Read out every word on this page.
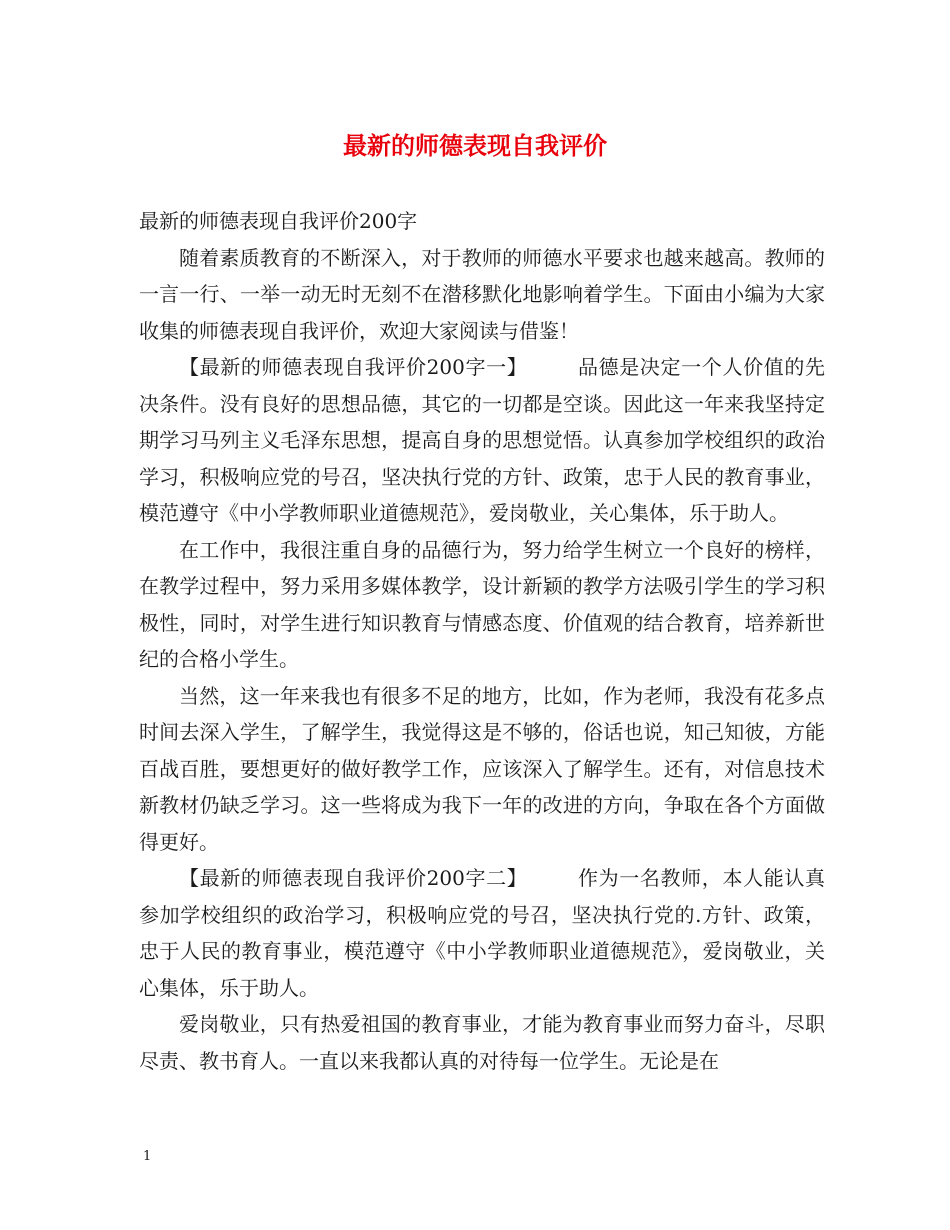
最新的师德表现自我评价

最新的师德表现自我评价200字

随着素质教育的不断深入，对于教师的师德水平要求也越来越高。教师的一言一行、一举一动无时无刻不在潜移默化地影响着学生。下面由小编为大家收集的师德表现自我评价，欢迎大家阅读与借鉴！

【最新的师德表现自我评价200字一】	品德是决定一个人价值的先决条件。没有良好的思想品德，其它的一切都是空谈。因此这一年来我坚持定期学习马列主义毛泽东思想，提高自身的思想觉悟。认真参加学校组织的政治学习，积极响应党的号召，坚决执行党的方针、政策，忠于人民的教育事业，模范遵守《中小学教师职业道德规范》，爱岗敬业，关心集体，乐于助人。

在工作中，我很注重自身的品德行为，努力给学生树立一个良好的榜样，在教学过程中，努力采用多媒体教学，设计新颖的教学方法吸引学生的学习积极性，同时，对学生进行知识教育与情感态度、价值观的结合教育，培养新世纪的合格小学生。

当然，这一年来我也有很多不足的地方，比如，作为老师，我没有花多点时间去深入学生，了解学生，我觉得这是不够的，俗话也说，知己知彼，方能百战百胜，要想更好的做好教学工作，应该深入了解学生。还有，对信息技术新教材仍缺乏学习。这一些将成为我下一年的改进的方向，争取在各个方面做得更好。

【最新的师德表现自我评价200字二】	作为一名教师，本人能认真参加学校组织的政治学习，积极响应党的号召，坚决执行党的.方针、政策，忠于人民的教育事业，模范遵守《中小学教师职业道德规范》，爱岗敬业，关心集体，乐于助人。

爱岗敬业，只有热爱祖国的教育事业，才能为教育事业而努力奋斗，尽职尽责、教书育人。一直以来我都认真的对待每一位学生。无论是在

1
